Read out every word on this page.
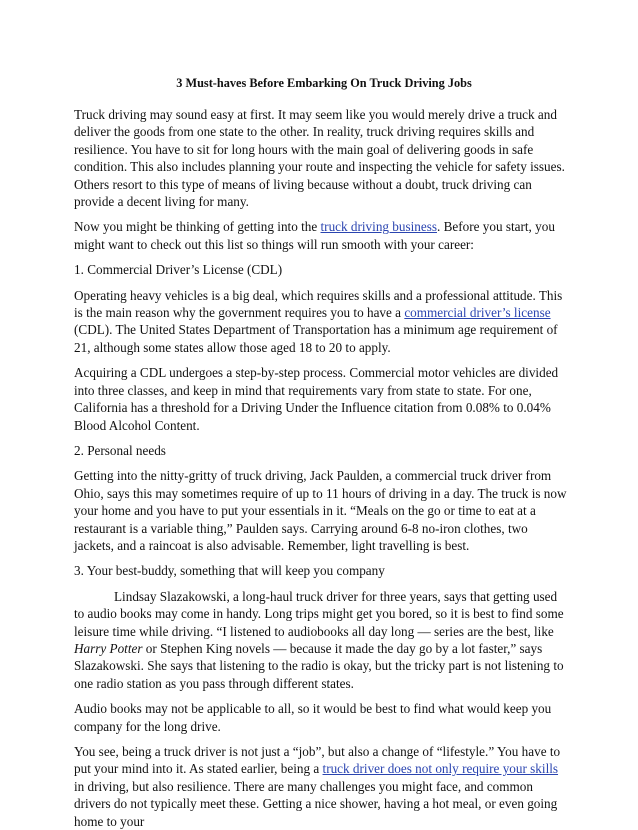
3 Must-haves Before Embarking On Truck Driving Jobs

Truck driving may sound easy at first. It may seem like you would merely drive a truck and deliver the goods from one state to the other. In reality, truck driving requires skills and resilience. You have to sit for long hours with the main goal of delivering goods in safe condition. This also includes planning your route and inspecting the vehicle for safety issues. Others resort to this type of means of living because without a doubt, truck driving can provide a decent living for many.

Now you might be thinking of getting into the truck driving business. Before you start, you might want to check out this list so things will run smooth with your career:

1. Commercial Driver’s License (CDL)

Operating heavy vehicles is a big deal, which requires skills and a professional attitude. This is the main reason why the government requires you to have a commercial driver’s license (CDL). The United States Department of Transportation has a minimum age requirement of 21, although some states allow those aged 18 to 20 to apply.

Acquiring a CDL undergoes a step-by-step process. Commercial motor vehicles are divided into three classes, and keep in mind that requirements vary from state to state. For one, California has a threshold for a Driving Under the Influence citation from 0.08% to 0.04% Blood Alcohol Content.

2. Personal needs

Getting into the nitty-gritty of truck driving, Jack Paulden, a commercial truck driver from Ohio, says this may sometimes require of up to 11 hours of driving in a day. The truck is now your home and you have to put your essentials in it. “Meals on the go or time to eat at a restaurant is a variable thing,” Paulden says. Carrying around 6-8 no-iron clothes, two jackets, and a raincoat is also advisable. Remember, light travelling is best.

3. Your best-buddy, something that will keep you company

Lindsay Slazakowski, a long-haul truck driver for three years, says that getting used to audio books may come in handy. Long trips might get you bored, so it is best to find some leisure time while driving. “I listened to audiobooks all day long — series are the best, like Harry Potter or Stephen King novels — because it made the day go by a lot faster,” says Slazakowski. She says that listening to the radio is okay, but the tricky part is not listening to one radio station as you pass through different states.

Audio books may not be applicable to all, so it would be best to find what would keep you company for the long drive.

You see, being a truck driver is not just a “job”, but also a change of “lifestyle.” You have to put your mind into it. As stated earlier, being a truck driver does not only require your skills in driving, but also resilience. There are many challenges you might face, and common drivers do not typically meet these. Getting a nice shower, having a hot meal, or even going home to your
